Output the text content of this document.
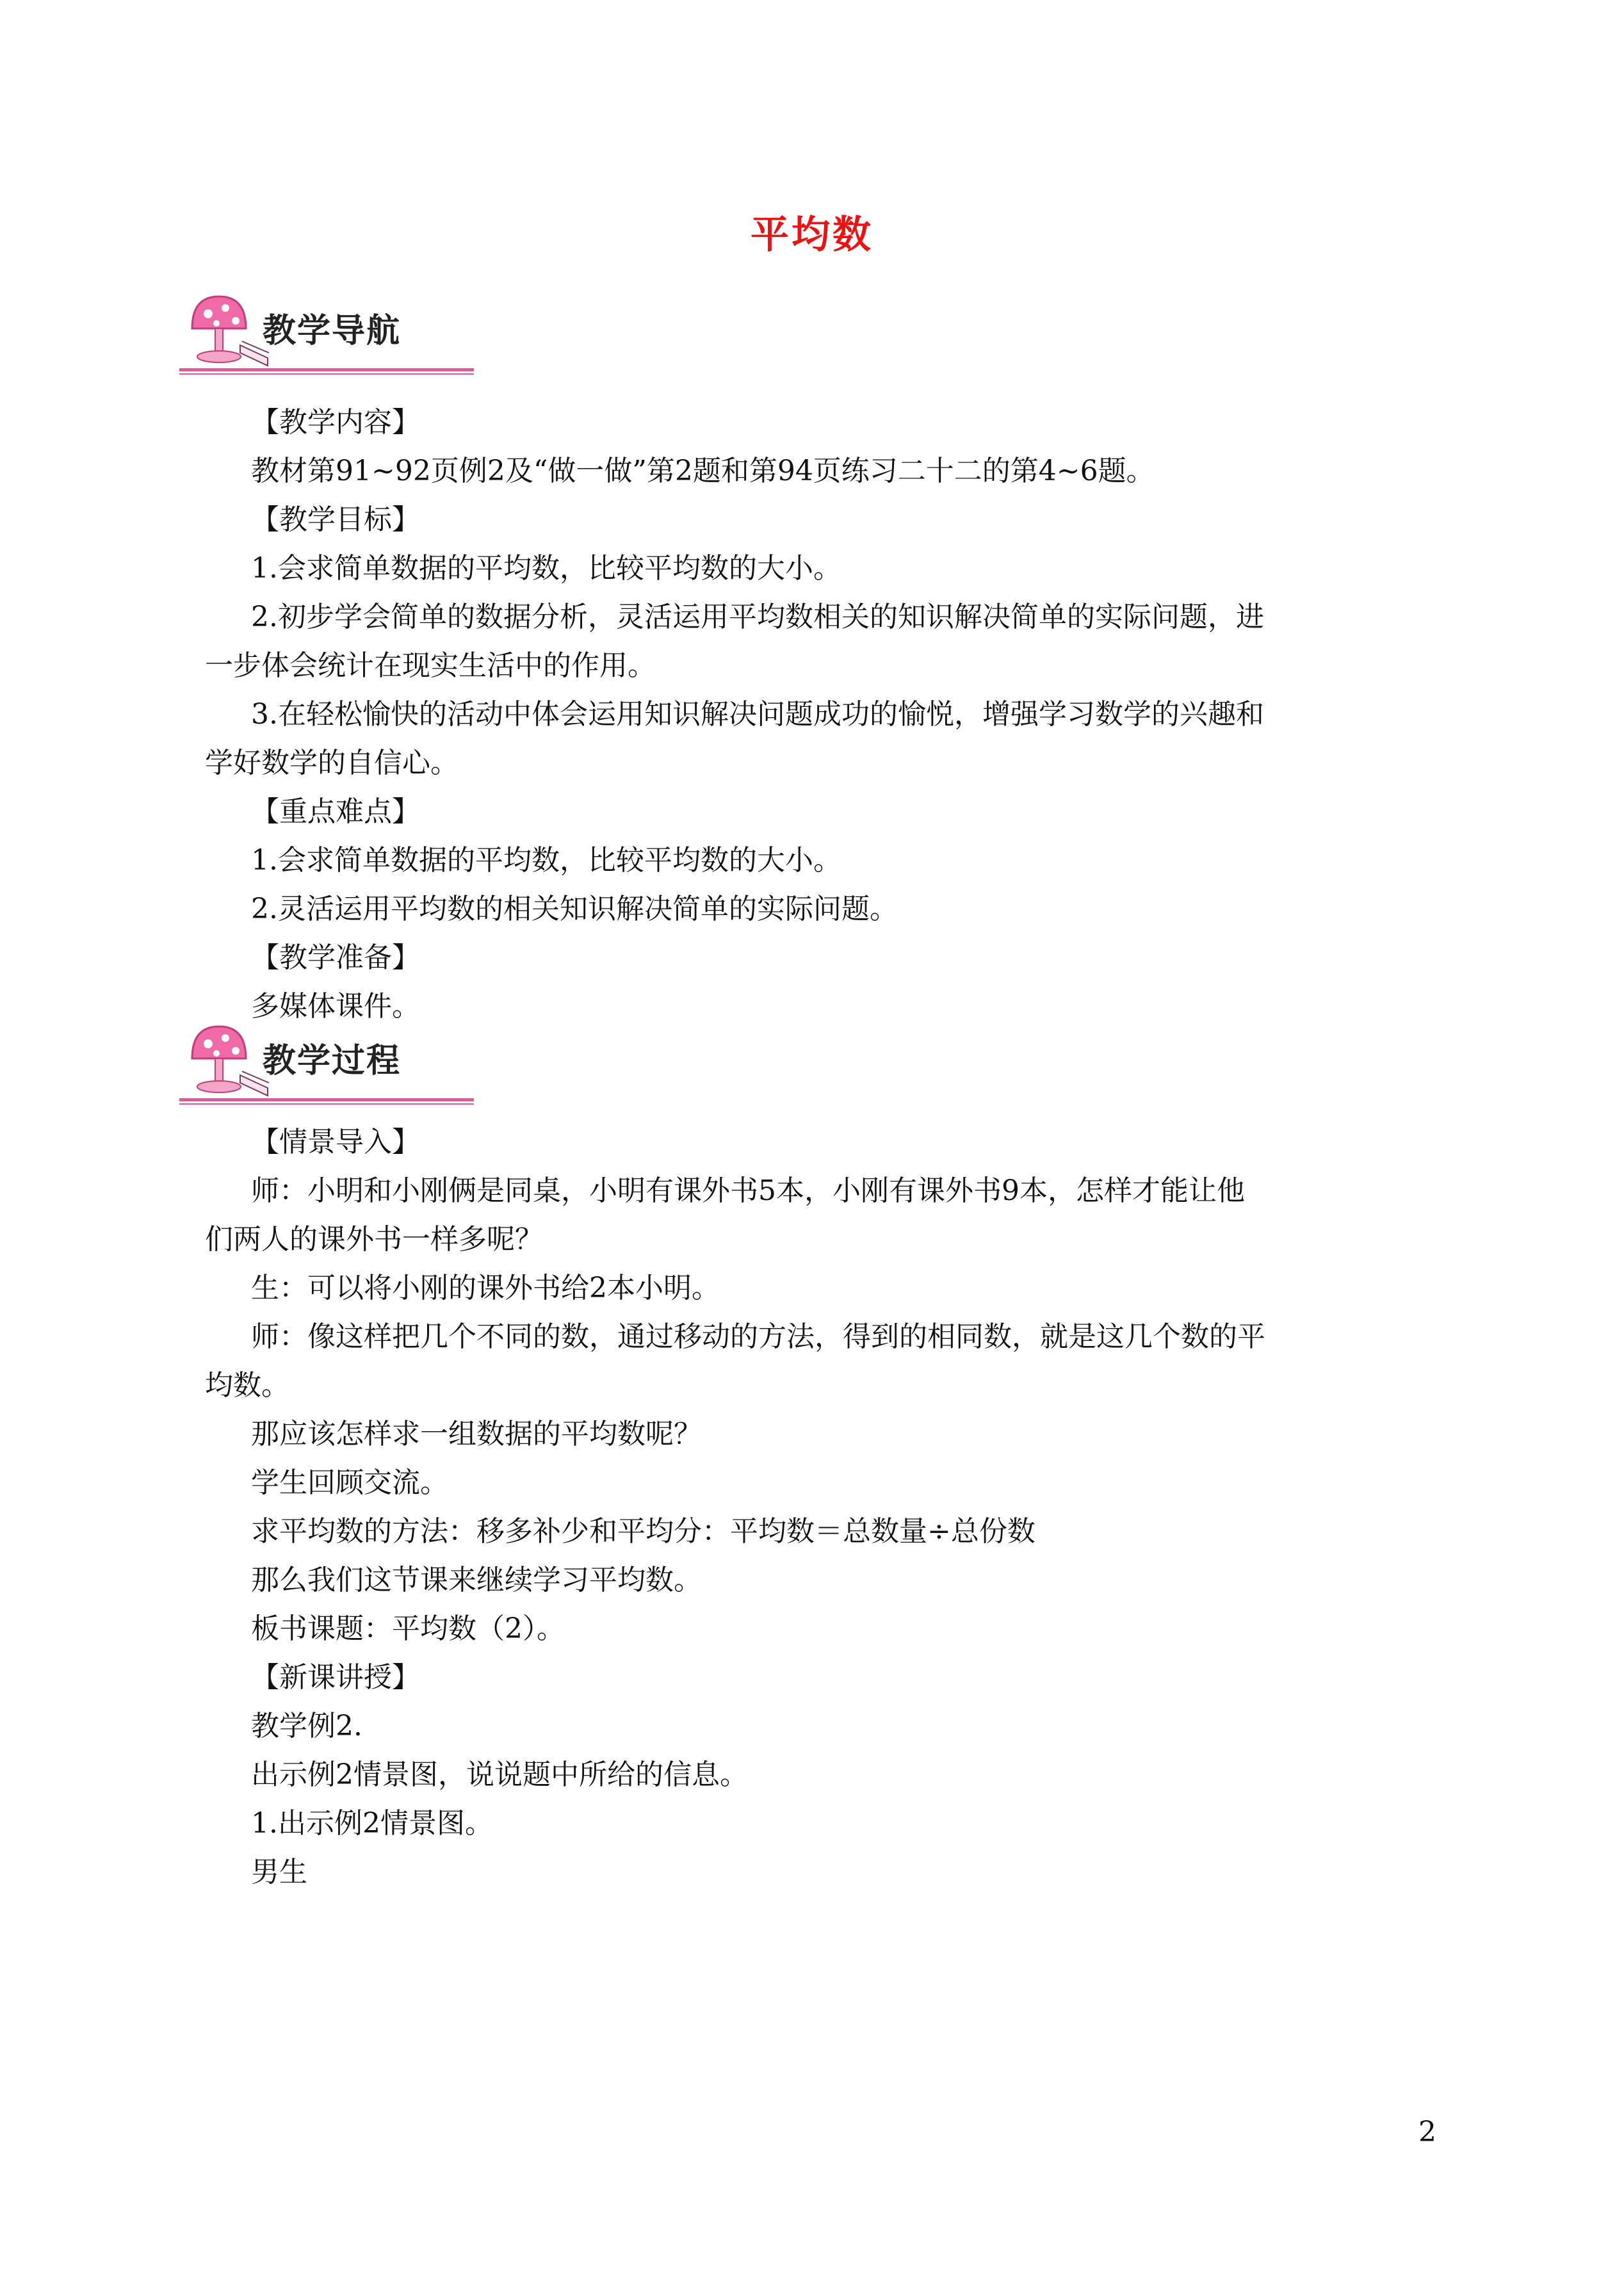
平均数
教学导航
教学过程
【教学内容】
教材第91~92页例2及“做一做”第2题和第94页练习二十二的第4~6题。
【教学目标】
1.会求简单数据的平均数，比较平均数的大小。
2.初步学会简单的数据分析，灵活运用平均数相关的知识解决简单的实际问题，进
一步体会统计在现实生活中的作用。
3.在轻松愉快的活动中体会运用知识解决问题成功的愉悦，增强学习数学的兴趣和
学好数学的自信心。
【重点难点】
1.会求简单数据的平均数，比较平均数的大小。
2.灵活运用平均数的相关知识解决简单的实际问题。
【教学准备】
多媒体课件。
【情景导入】
师：小明和小刚俩是同桌，小明有课外书5本，小刚有课外书9本，怎样才能让他
们两人的课外书一样多呢？
生：可以将小刚的课外书给2本小明。
师：像这样把几个不同的数，通过移动的方法，得到的相同数，就是这几个数的平
均数。
那应该怎样求一组数据的平均数呢？
学生回顾交流。
求平均数的方法：移多补少和平均分：平均数＝总数量÷总份数
那么我们这节课来继续学习平均数。
板书课题：平均数（2）。
【新课讲授】
教学例2.
出示例2情景图，说说题中所给的信息。
1.出示例2情景图。
男生
2
